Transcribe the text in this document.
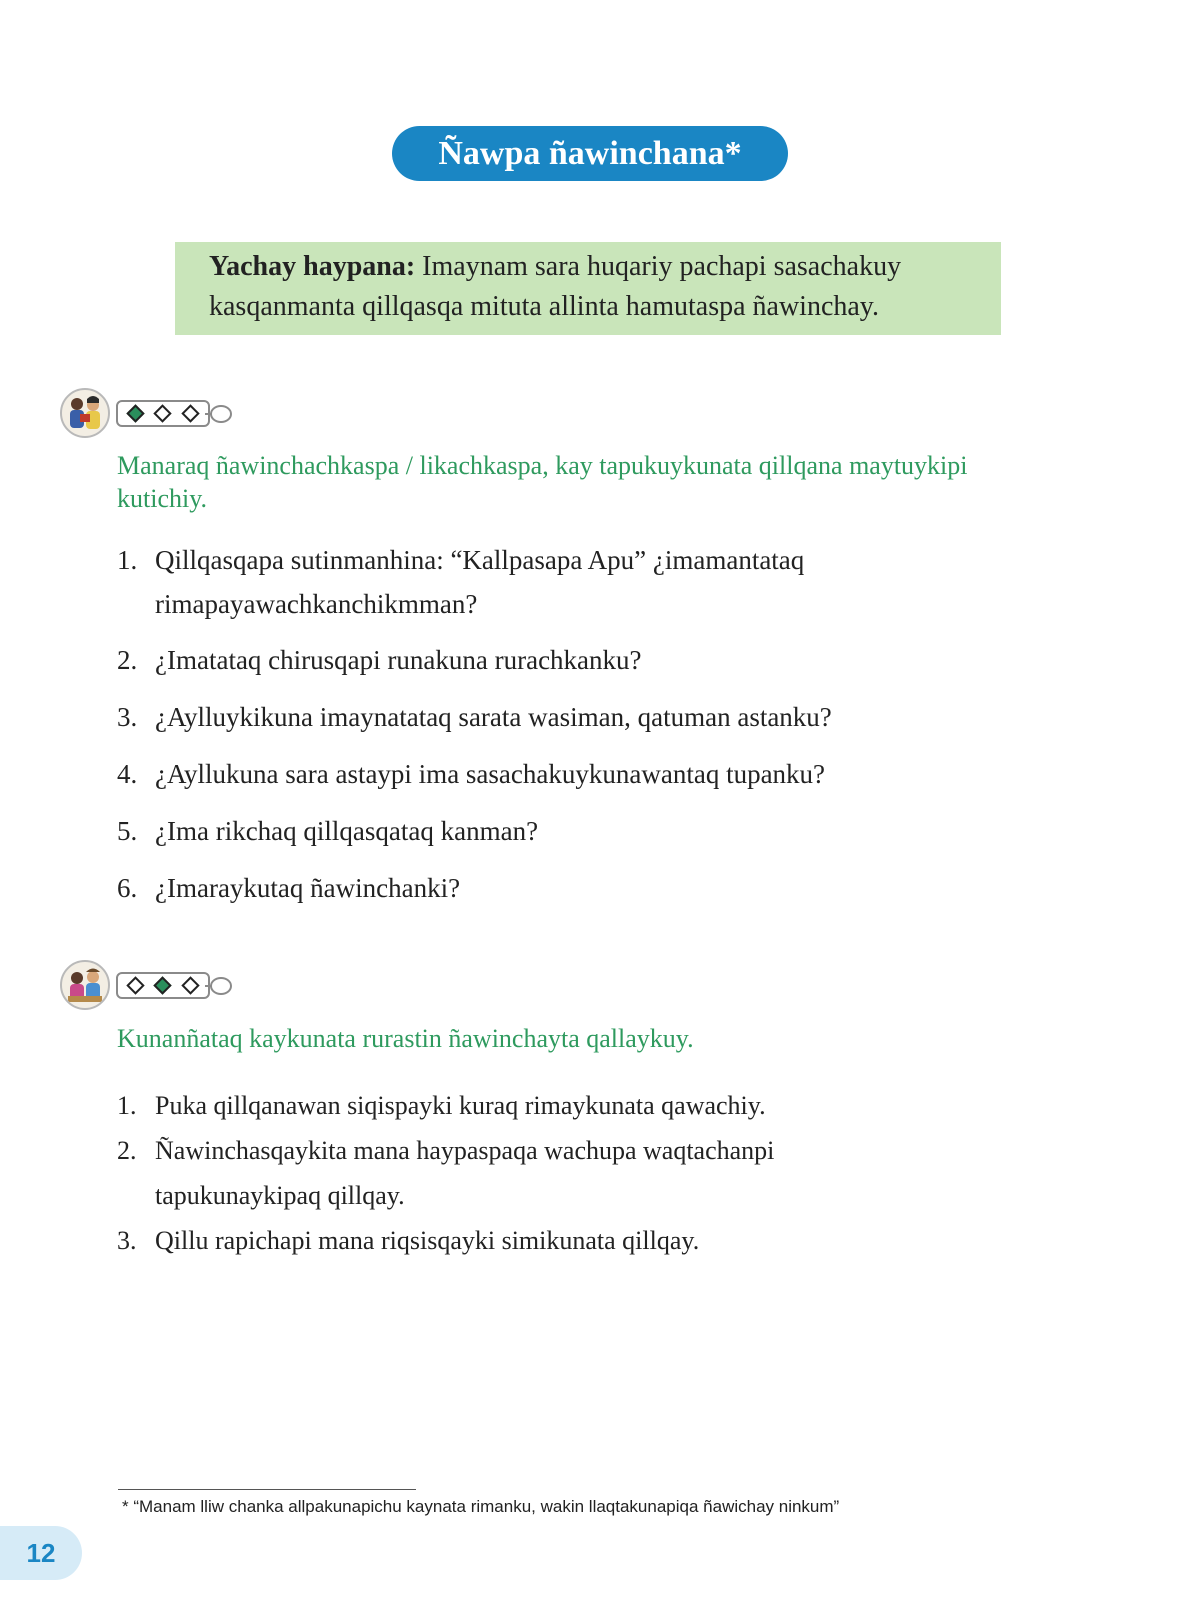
Ñawpa ñawinchana*
Yachay haypana: Imaynam sara huqariy pachapi sasachakuy kasqanmanta qillqasqa mituta allinta hamutaspa ñawinchay.
Manaraq ñawinchachkaspa / likachkaspa, kay tapukuykunata qillqana maytuykipi kutichiy.
1. Qillqasqapa sutinmanhina: “Kallpasapa Apu” ¿imamantataq rimapayawachkanchikmman?
2. ¿Imatataq chirusqapi runakuna rurachkanku?
3. ¿Aylluykikuna imaynatataq sarata wasiman, qatuman astanku?
4. ¿Ayllukuna sara astaypi ima sasachakuykunawantaq tupanku?
5. ¿Ima rikchaq qillqasqataq kanman?
6. ¿Imaraykutaq ñawinchanki?
Kunanñataq kaykunata rurastin ñawinchayta qallaykuy.
1. Puka qillqanawan siqispayki kuraq rimaykunata qawachiy.
2. Ñawinchasqaykita mana haypaspaqa wachupa waqtachanpi tapukunaykipaq qillqay.
3. Qillu rapichapi mana riqsisqayki simikunata qillqay.
* “Manam lliw chanka allpakunapichu kaynata rimanku, wakin llaqtakunapiqa ñawichay ninkum”
12
